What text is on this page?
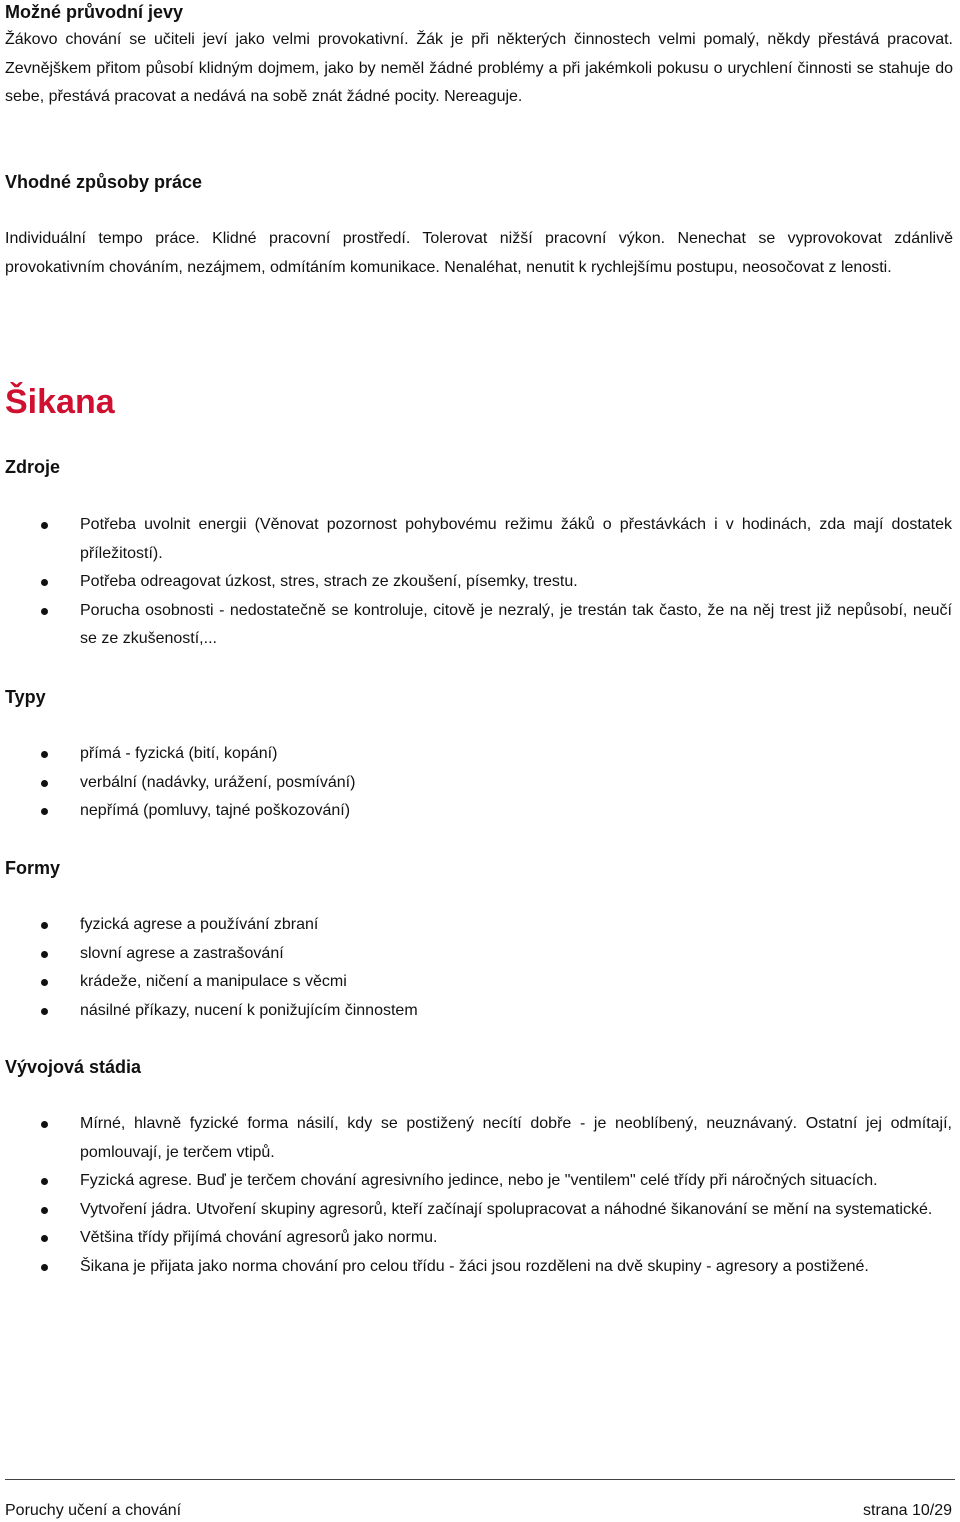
Možné průvodní jevy

Žákovo chování se učiteli jeví jako velmi provokativní. Žák je při některých činnostech velmi pomalý, někdy přestává pracovat. Zevnějškem přitom působí klidným dojmem, jako by neměl žádné problémy a při jakémkoli pokusu o urychlení činnosti se stahuje do sebe, přestává pracovat a nedává na sobě znát žádné pocity. Nereaguje.

Vhodné způsoby práce

Individuální tempo práce. Klidné pracovní prostředí. Tolerovat nižší pracovní výkon. Nenechat se vyprovokovat zdánlivě provokativním chováním, nezájmem, odmítáním komunikace. Nenaléhat, nenutit k rychlejšímu postupu, neosočovat z lenosti.

Šikana
Zdroje
Potřeba uvolnit energii (Věnovat pozornost pohybovému režimu žáků o přestávkách i v hodinách, zda mají dostatek příležitostí).
Potřeba odreagovat úzkost, stres, strach ze zkoušení, písemky, trestu.
Porucha osobnosti - nedostatečně se kontroluje, citově je nezralý, je trestán tak často, že na něj trest již nepůsobí, neučí se ze zkušeností,...
Typy
přímá - fyzická (bití, kopání)
verbální (nadávky, urážení, posmívání)
nepřímá (pomluvy, tajné poškozování)
Formy
fyzická agrese a používání zbraní
slovní agrese a zastrašování
krádeže, ničení a manipulace s věcmi
násilné příkazy, nucení k ponižujícím činnostem
Vývojová stádia
Mírné, hlavně fyzické forma násilí, kdy se postižený necítí dobře - je neoblíbený, neuznávaný. Ostatní jej odmítají, pomlouvají, je terčem vtipů.
Fyzická agrese. Buď je terčem chování agresivního jedince, nebo je "ventilem" celé třídy při náročných situacích.
Vytvoření jádra. Utvoření skupiny agresorů, kteří začínají spolupracovat a náhodné šikanování se mění na systematické.
Většina třídy přijímá chování agresorů jako normu.
Šikana je přijata jako norma chování pro celou třídu - žáci jsou rozděleni na dvě skupiny - agresory a postižené.
Poruchy učení a chování	strana 10/29
